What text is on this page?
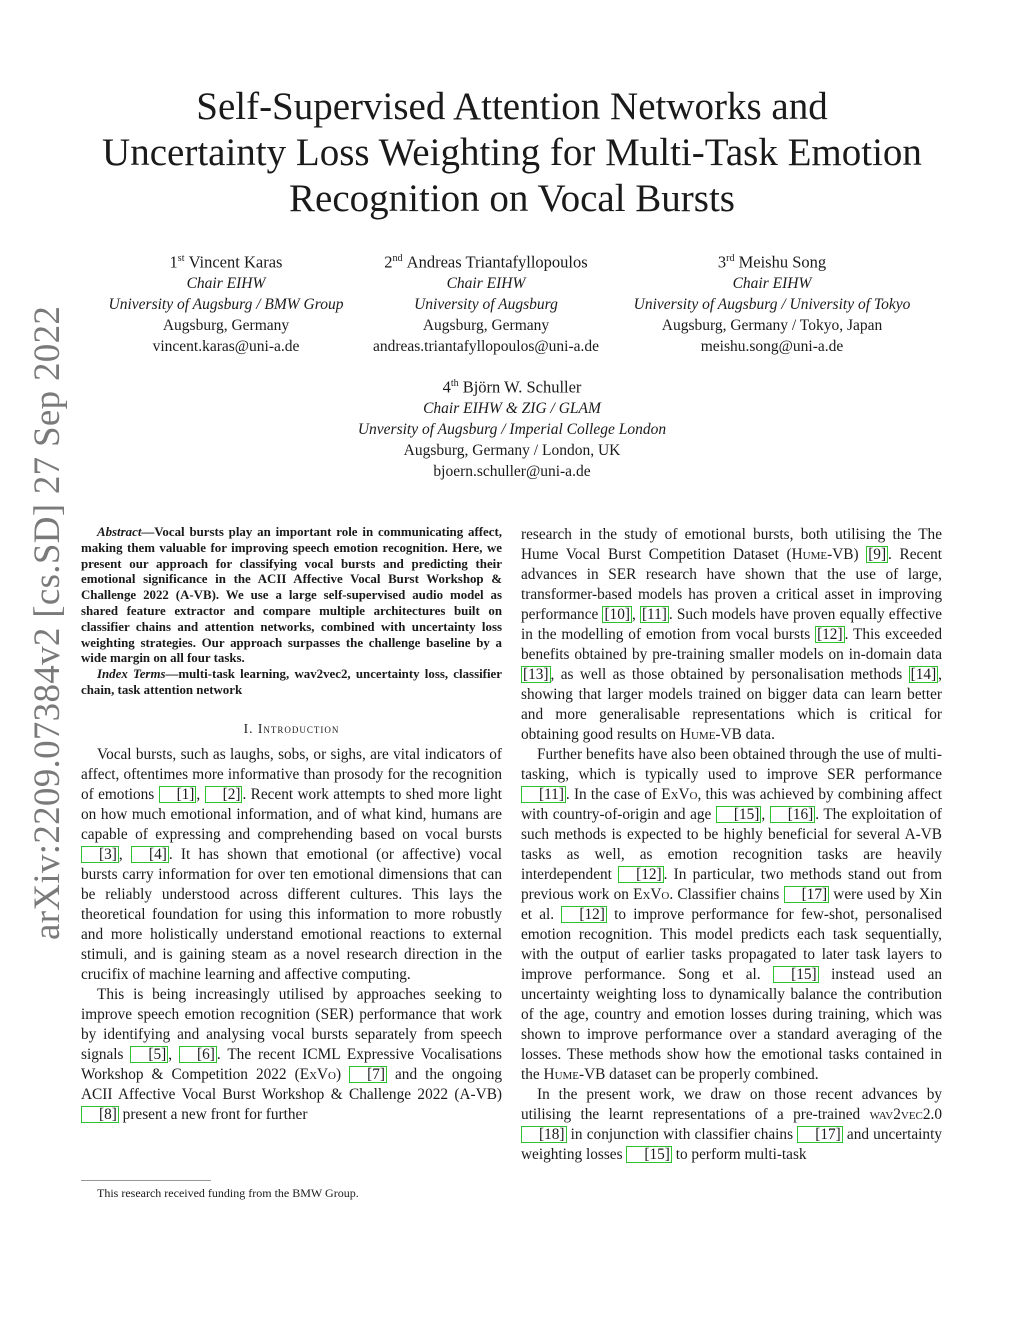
arXiv:2209.07384v2 [cs.SD] 27 Sep 2022
Self-Supervised Attention Networks and
Uncertainty Loss Weighting for Multi-Task Emotion
Recognition on Vocal Bursts
1st Vincent Karas
Chair EIHW
University of Augsburg / BMW Group
Augsburg, Germany
vincent.karas@uni-a.de
2nd Andreas Triantafyllopoulos
Chair EIHW
University of Augsburg
Augsburg, Germany
andreas.triantafyllopoulos@uni-a.de
3rd Meishu Song
Chair EIHW
University of Augsburg / University of Tokyo
Augsburg, Germany / Tokyo, Japan
meishu.song@uni-a.de
4th Björn W. Schuller
Chair EIHW & ZIG / GLAM
Unversity of Augsburg / Imperial College London
Augsburg, Germany / London, UK
bjoern.schuller@uni-a.de

Abstract—Vocal bursts play an important role in communicating affect, making them valuable for improving speech emotion recognition. Here, we present our approach for classifying vocal bursts and predicting their emotional significance in the ACII Affective Vocal Burst Workshop & Challenge 2022 (A-VB). We use a large self-supervised audio model as shared feature extractor and compare multiple architectures built on classifier chains and attention networks, combined with uncertainty loss weighting strategies. Our approach surpasses the challenge baseline by a wide margin on all four tasks.

Index Terms—multi-task learning, wav2vec2, uncertainty loss, classifier chain, task attention network

I. Introduction

Vocal bursts, such as laughs, sobs, or sighs, are vital indicators of affect, oftentimes more informative than prosody for the recognition of emotions [1] , [2] . Recent work attempts to shed more light on how much emotional information, and of what kind, humans are capable of expressing and comprehending based on vocal bursts [3] , [4] . It has shown that emotional (or affective) vocal bursts carry information for over ten emotional dimensions that can be reliably understood across different cultures. This lays the theoretical foundation for using this information to more robustly and more holistically understand emotional reactions to external stimuli, and is gaining steam as a novel research direction in the crucifix of machine learning and affective computing.

This is being increasingly utilised by approaches seeking to improve speech emotion recognition (SER) performance that work by identifying and analysing vocal bursts separately from speech signals [5] , [6] . The recent ICML Expressive Vocalisations Workshop & Competition 2022 (ExVo) [7] and the ongoing ACII Affective Vocal Burst Workshop & Challenge 2022 (A-VB) [8] present a new front for further

This research received funding from the BMW Group.

research in the study of emotional bursts, both utilising the The Hume Vocal Burst Competition Dataset (Hume-VB) [9] . Recent advances in SER research have shown that the use of large, transformer-based models has proven a critical asset in improving performance [10] , [11] . Such models have proven equally effective in the modelling of emotion from vocal bursts [12] . This exceeded benefits obtained by pre-training smaller models on in-domain data [13] , as well as those obtained by personalisation methods [14] , showing that larger models trained on bigger data can learn better and more generalisable representations which is critical for obtaining good results on Hume-VB data.

Further benefits have also been obtained through the use of multi-tasking, which is typically used to improve SER performance [11] . In the case of ExVo, this was achieved by combining affect with country-of-origin and age [15] , [16] . The exploitation of such methods is expected to be highly beneficial for several A-VB tasks as well, as emotion recognition tasks are heavily interdependent [12] . In particular, two methods stand out from previous work on ExVo. Classifier chains [17] were used by Xin et al. [12] to improve performance for few-shot, personalised emotion recognition. This model predicts each task sequentially, with the output of earlier tasks propagated to later task layers to improve performance. Song et al. [15] instead used an uncertainty weighting loss to dynamically balance the contribution of the age, country and emotion losses during training, which was shown to improve performance over a standard averaging of the losses. These methods show how the emotional tasks contained in the Hume-VB dataset can be properly combined.

In the present work, we draw on those recent advances by utilising the learnt representations of a pre-trained wav2vec2.0 [18] in conjunction with classifier chains [17] and uncertainty weighting losses [15] to perform multi-task
